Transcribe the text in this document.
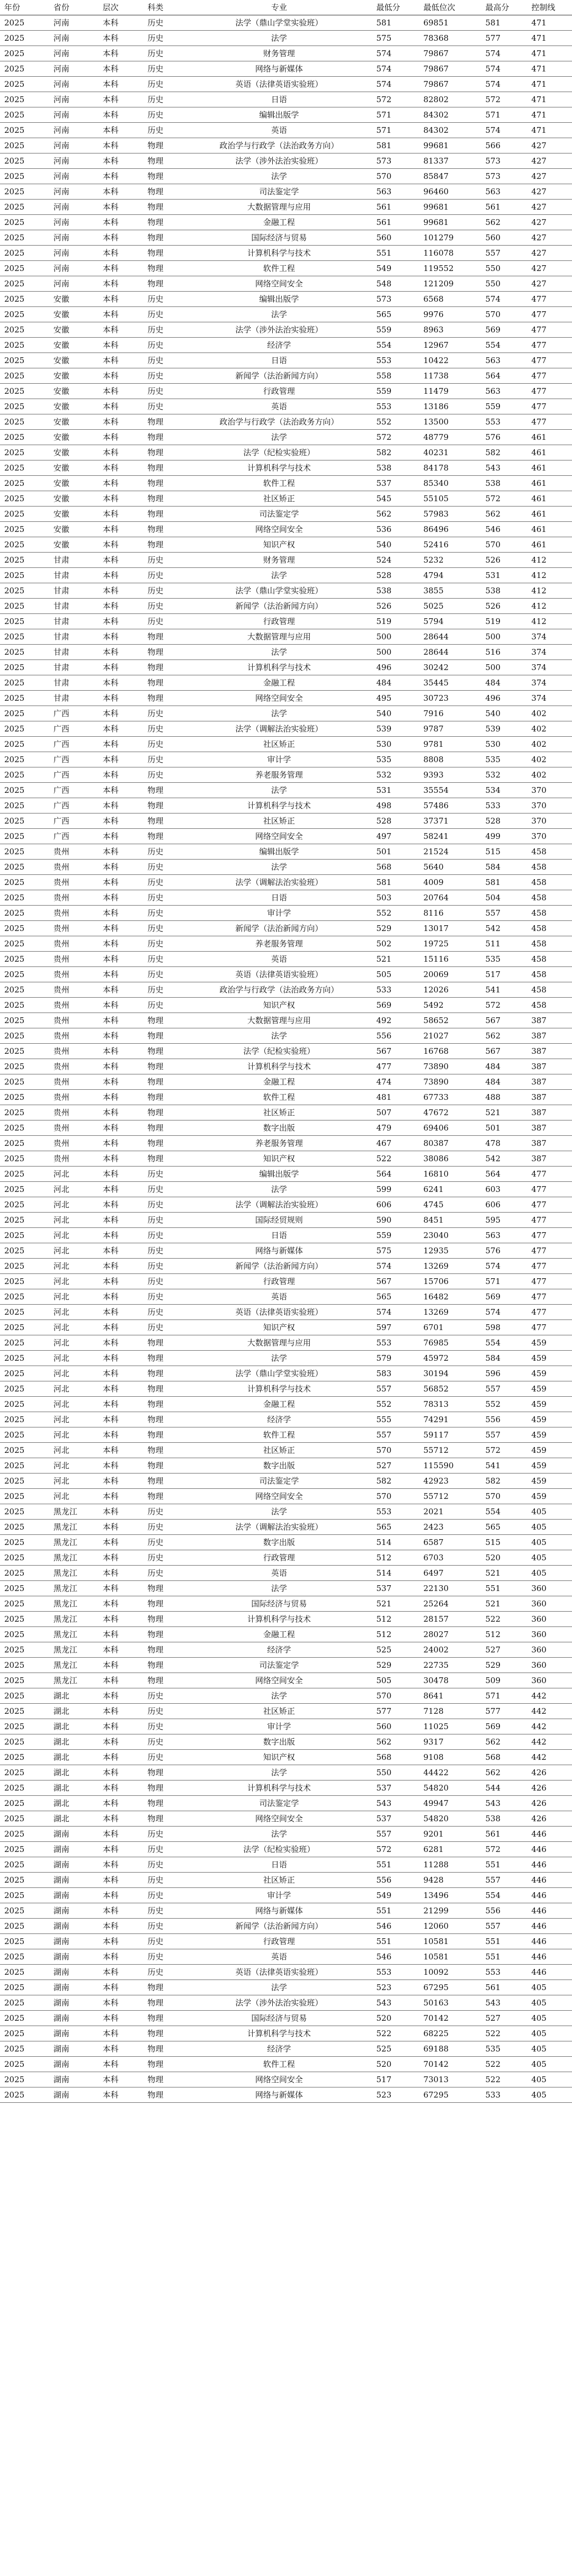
年份	省份	层次	科类	专业	最低分	最低位次	最高分	控制线
2025	河南	本科	历史	法学（鼎山学堂实验班）	581	69851	581	471
2025	河南	本科	历史	法学	575	78368	577	471
2025	河南	本科	历史	财务管理	574	79867	574	471
2025	河南	本科	历史	网络与新媒体	574	79867	574	471
2025	河南	本科	历史	英语（法律英语实验班）	574	79867	574	471
2025	河南	本科	历史	日语	572	82802	572	471
2025	河南	本科	历史	编辑出版学	571	84302	571	471
2025	河南	本科	历史	英语	571	84302	574	471
2025	河南	本科	物理	政治学与行政学（法治政务方向）	581	99681	566	427
2025	河南	本科	物理	法学（涉外法治实验班）	573	81337	573	427
2025	河南	本科	物理	法学	570	85847	573	427
2025	河南	本科	物理	司法鉴定学	563	96460	563	427
2025	河南	本科	物理	大数据管理与应用	561	99681	561	427
2025	河南	本科	物理	金融工程	561	99681	562	427
2025	河南	本科	物理	国际经济与贸易	560	101279	560	427
2025	河南	本科	物理	计算机科学与技术	551	116078	557	427
2025	河南	本科	物理	软件工程	549	119552	550	427
2025	河南	本科	物理	网络空间安全	548	121209	550	427
2025	安徽	本科	历史	编辑出版学	573	6568	574	477
2025	安徽	本科	历史	法学	565	9976	570	477
2025	安徽	本科	历史	法学（涉外法治实验班）	559	8963	569	477
2025	安徽	本科	历史	经济学	554	12967	554	477
2025	安徽	本科	历史	日语	553	10422	563	477
2025	安徽	本科	历史	新闻学（法治新闻方向）	558	11738	564	477
2025	安徽	本科	历史	行政管理	559	11479	563	477
2025	安徽	本科	历史	英语	553	13186	559	477
2025	安徽	本科	物理	政治学与行政学（法治政务方向）	552	13500	553	477
2025	安徽	本科	物理	法学	572	48779	576	461
2025	安徽	本科	物理	法学（纪检实验班）	582	40231	582	461
2025	安徽	本科	物理	计算机科学与技术	538	84178	543	461
2025	安徽	本科	物理	软件工程	537	85340	538	461
2025	安徽	本科	物理	社区矫正	545	55105	572	461
2025	安徽	本科	物理	司法鉴定学	562	57983	562	461
2025	安徽	本科	物理	网络空间安全	536	86496	546	461
2025	安徽	本科	物理	知识产权	540	52416	570	461
2025	甘肃	本科	历史	财务管理	524	5232	526	412
2025	甘肃	本科	历史	法学	528	4794	531	412
2025	甘肃	本科	历史	法学（鼎山学堂实验班）	538	3855	538	412
2025	甘肃	本科	历史	新闻学（法治新闻方向）	526	5025	526	412
2025	甘肃	本科	历史	行政管理	519	5794	519	412
2025	甘肃	本科	物理	大数据管理与应用	500	28644	500	374
2025	甘肃	本科	物理	法学	500	28644	516	374
2025	甘肃	本科	物理	计算机科学与技术	496	30242	500	374
2025	甘肃	本科	物理	金融工程	484	35445	484	374
2025	甘肃	本科	物理	网络空间安全	495	30723	496	374
2025	广西	本科	历史	法学	540	7916	540	402
2025	广西	本科	历史	法学（调解法治实验班）	539	9787	539	402
2025	广西	本科	历史	社区矫正	530	9781	530	402
2025	广西	本科	历史	审计学	535	8808	535	402
2025	广西	本科	历史	养老服务管理	532	9393	532	402
2025	广西	本科	物理	法学	531	35554	534	370
2025	广西	本科	物理	计算机科学与技术	498	57486	533	370
2025	广西	本科	物理	社区矫正	528	37371	528	370
2025	广西	本科	物理	网络空间安全	497	58241	499	370
2025	贵州	本科	历史	编辑出版学	501	21524	515	458
2025	贵州	本科	历史	法学	568	5640	584	458
2025	贵州	本科	历史	法学（调解法治实验班）	581	4009	581	458
2025	贵州	本科	历史	日语	503	20764	504	458
2025	贵州	本科	历史	审计学	552	8116	557	458
2025	贵州	本科	历史	新闻学（法治新闻方向）	529	13017	542	458
2025	贵州	本科	历史	养老服务管理	502	19725	511	458
2025	贵州	本科	历史	英语	521	15116	535	458
2025	贵州	本科	历史	英语（法律英语实验班）	505	20069	517	458
2025	贵州	本科	历史	政治学与行政学（法治政务方向）	533	12026	541	458
2025	贵州	本科	历史	知识产权	569	5492	572	458
2025	贵州	本科	物理	大数据管理与应用	492	58652	567	387
2025	贵州	本科	物理	法学	556	21027	562	387
2025	贵州	本科	物理	法学（纪检实验班）	567	16768	567	387
2025	贵州	本科	物理	计算机科学与技术	477	73890	484	387
2025	贵州	本科	物理	金融工程	474	73890	484	387
2025	贵州	本科	物理	软件工程	481	67733	488	387
2025	贵州	本科	物理	社区矫正	507	47672	521	387
2025	贵州	本科	物理	数字出版	479	69406	501	387
2025	贵州	本科	物理	养老服务管理	467	80387	478	387
2025	贵州	本科	物理	知识产权	522	38086	542	387
2025	河北	本科	历史	编辑出版学	564	16810	564	477
2025	河北	本科	历史	法学	599	6241	603	477
2025	河北	本科	历史	法学（调解法治实验班）	606	4745	606	477
2025	河北	本科	历史	国际经贸规则	590	8451	595	477
2025	河北	本科	历史	日语	559	23040	563	477
2025	河北	本科	历史	网络与新媒体	575	12935	576	477
2025	河北	本科	历史	新闻学（法治新闻方向）	574	13269	574	477
2025	河北	本科	历史	行政管理	567	15706	571	477
2025	河北	本科	历史	英语	565	16482	569	477
2025	河北	本科	历史	英语（法律英语实验班）	574	13269	574	477
2025	河北	本科	历史	知识产权	597	6701	598	477
2025	河北	本科	物理	大数据管理与应用	553	76985	554	459
2025	河北	本科	物理	法学	579	45972	584	459
2025	河北	本科	物理	法学（鼎山学堂实验班）	583	30194	596	459
2025	河北	本科	物理	计算机科学与技术	557	56852	557	459
2025	河北	本科	物理	金融工程	552	78313	552	459
2025	河北	本科	物理	经济学	555	74291	556	459
2025	河北	本科	物理	软件工程	557	59117	557	459
2025	河北	本科	物理	社区矫正	570	55712	572	459
2025	河北	本科	物理	数字出版	527	115590	541	459
2025	河北	本科	物理	司法鉴定学	582	42923	582	459
2025	河北	本科	物理	网络空间安全	570	55712	570	459
2025	黑龙江	本科	历史	法学	553	2021	554	405
2025	黑龙江	本科	历史	法学（调解法治实验班）	565	2423	565	405
2025	黑龙江	本科	历史	数字出版	514	6587	515	405
2025	黑龙江	本科	历史	行政管理	512	6703	520	405
2025	黑龙江	本科	历史	英语	514	6497	521	405
2025	黑龙江	本科	物理	法学	537	22130	551	360
2025	黑龙江	本科	物理	国际经济与贸易	521	25264	521	360
2025	黑龙江	本科	物理	计算机科学与技术	512	28157	522	360
2025	黑龙江	本科	物理	金融工程	512	28027	512	360
2025	黑龙江	本科	物理	经济学	525	24002	527	360
2025	黑龙江	本科	物理	司法鉴定学	529	22735	529	360
2025	黑龙江	本科	物理	网络空间安全	505	30478	509	360
2025	湖北	本科	历史	法学	570	8641	571	442
2025	湖北	本科	历史	社区矫正	577	7128	577	442
2025	湖北	本科	历史	审计学	560	11025	569	442
2025	湖北	本科	历史	数字出版	562	9317	562	442
2025	湖北	本科	历史	知识产权	568	9108	568	442
2025	湖北	本科	物理	法学	550	44422	562	426
2025	湖北	本科	物理	计算机科学与技术	537	54820	544	426
2025	湖北	本科	物理	司法鉴定学	543	49947	543	426
2025	湖北	本科	物理	网络空间安全	537	54820	538	426
2025	湖南	本科	历史	法学	557	9201	561	446
2025	湖南	本科	历史	法学（纪检实验班）	572	6281	572	446
2025	湖南	本科	历史	日语	551	11288	551	446
2025	湖南	本科	历史	社区矫正	556	9428	557	446
2025	湖南	本科	历史	审计学	549	13496	554	446
2025	湖南	本科	历史	网络与新媒体	551	21299	556	446
2025	湖南	本科	历史	新闻学（法治新闻方向）	546	12060	557	446
2025	湖南	本科	历史	行政管理	551	10581	551	446
2025	湖南	本科	历史	英语	546	10581	551	446
2025	湖南	本科	历史	英语（法律英语实验班）	553	10092	553	446
2025	湖南	本科	物理	法学	523	67295	561	405
2025	湖南	本科	物理	法学（涉外法治实验班）	543	50163	543	405
2025	湖南	本科	物理	国际经济与贸易	520	70142	527	405
2025	湖南	本科	物理	计算机科学与技术	522	68225	522	405
2025	湖南	本科	物理	经济学	525	69188	535	405
2025	湖南	本科	物理	软件工程	520	70142	522	405
2025	湖南	本科	物理	网络空间安全	517	73013	522	405
2025	湖南	本科	物理	网络与新媒体	523	67295	533	405
